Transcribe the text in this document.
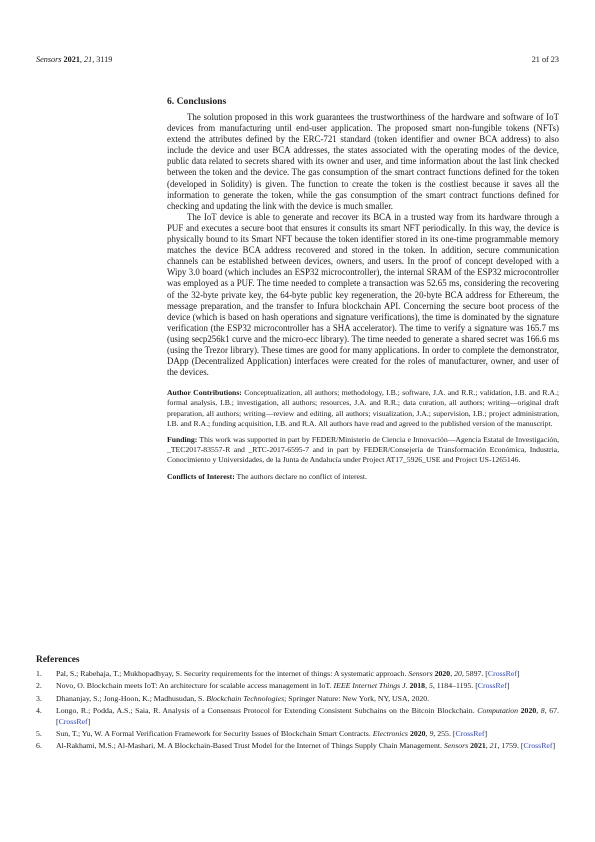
Sensors 2021, 21, 3119	21 of 23
6. Conclusions

The solution proposed in this work guarantees the trustworthiness of the hardware and software of IoT devices from manufacturing until end-user application. The proposed smart non-fungible tokens (NFTs) extend the attributes defined by the ERC-721 standard (token identifier and owner BCA address) to also include the device and user BCA addresses, the states associated with the operating modes of the device, public data related to secrets shared with its owner and user, and time information about the last link checked between the token and the device. The gas consumption of the smart contract functions defined for the token (developed in Solidity) is given. The function to create the token is the costliest because it saves all the information to generate the token, while the gas consumption of the smart contract functions defined for checking and updating the link with the device is much smaller.

The IoT device is able to generate and recover its BCA in a trusted way from its hardware through a PUF and executes a secure boot that ensures it consults its smart NFT periodically. In this way, the device is physically bound to its Smart NFT because the token identifier stored in its one-time programmable memory matches the device BCA address recovered and stored in the token. In addition, secure communication channels can be established between devices, owners, and users. In the proof of concept developed with a Wipy 3.0 board (which includes an ESP32 microcontroller), the internal SRAM of the ESP32 microcontroller was employed as a PUF. The time needed to complete a transaction was 52.65 ms, considering the recovering of the 32-byte private key, the 64-byte public key regeneration, the 20-byte BCA address for Ethereum, the message preparation, and the transfer to Infura blockchain API. Concerning the secure boot process of the device (which is based on hash operations and signature verifications), the time is dominated by the signature verification (the ESP32 microcontroller has a SHA accelerator). The time to verify a signature was 165.7 ms (using secp256k1 curve and the micro-ecc library). The time needed to generate a shared secret was 166.6 ms (using the Trezor library). These times are good for many applications. In order to complete the demonstrator, DApp (Decentralized Application) interfaces were created for the roles of manufacturer, owner, and user of the devices.

Author Contributions: Conceptualization, all authors; methodology, I.B.; software, J.A. and R.R.; validation, I.B. and R.A.; formal analysis, I.B.; investigation, all authors; resources, J.A. and R.R.; data curation, all authors; writing—original draft preparation, all authors; writing—review and editing, all authors; visualization, J.A.; supervision, I.B.; project administration, I.B. and R.A.; funding acquisition, I.B. and R.A. All authors have read and agreed to the published version of the manuscript.

Funding: This work was supported in part by FEDER/Ministerio de Ciencia e Innovación—Agencia Estatal de Investigación, _TEC2017-83557-R and _RTC-2017-6595-7 and in part by FEDER/Consejería de Transformación Económica, Industria, Conocimiento y Universidades, de la Junta de Andalucía under Project AT17_5926_USE and Project US-1265146.

Conflicts of Interest: The authors declare no conflict of interest.

References
1. Pal, S.; Rabehaja, T.; Mukhopadhyay, S. Security requirements for the internet of things: A systematic approach. Sensors 2020, 20, 5897. [CrossRef]
2. Novo, O. Blockchain meets IoT: An architecture for scalable access management in IoT. IEEE Internet Things J. 2018, 5, 1184–1195. [CrossRef]
3. Dhananjay, S.; Jong-Hoon, K.; Madhusudan, S. Blockchain Technologies; Springer Nature: New York, NY, USA, 2020.
4. Longo, R.; Podda, A.S.; Saia, R. Analysis of a Consensus Protocol for Extending Consistent Subchains on the Bitcoin Blockchain. Computation 2020, 8, 67. [CrossRef]
5. Sun, T.; Yu, W. A Formal Verification Framework for Security Issues of Blockchain Smart Contracts. Electronics 2020, 9, 255. [CrossRef]
6. Al-Rakhami, M.S.; Al-Mashari, M. A Blockchain-Based Trust Model for the Internet of Things Supply Chain Management. Sensors 2021, 21, 1759. [CrossRef]
